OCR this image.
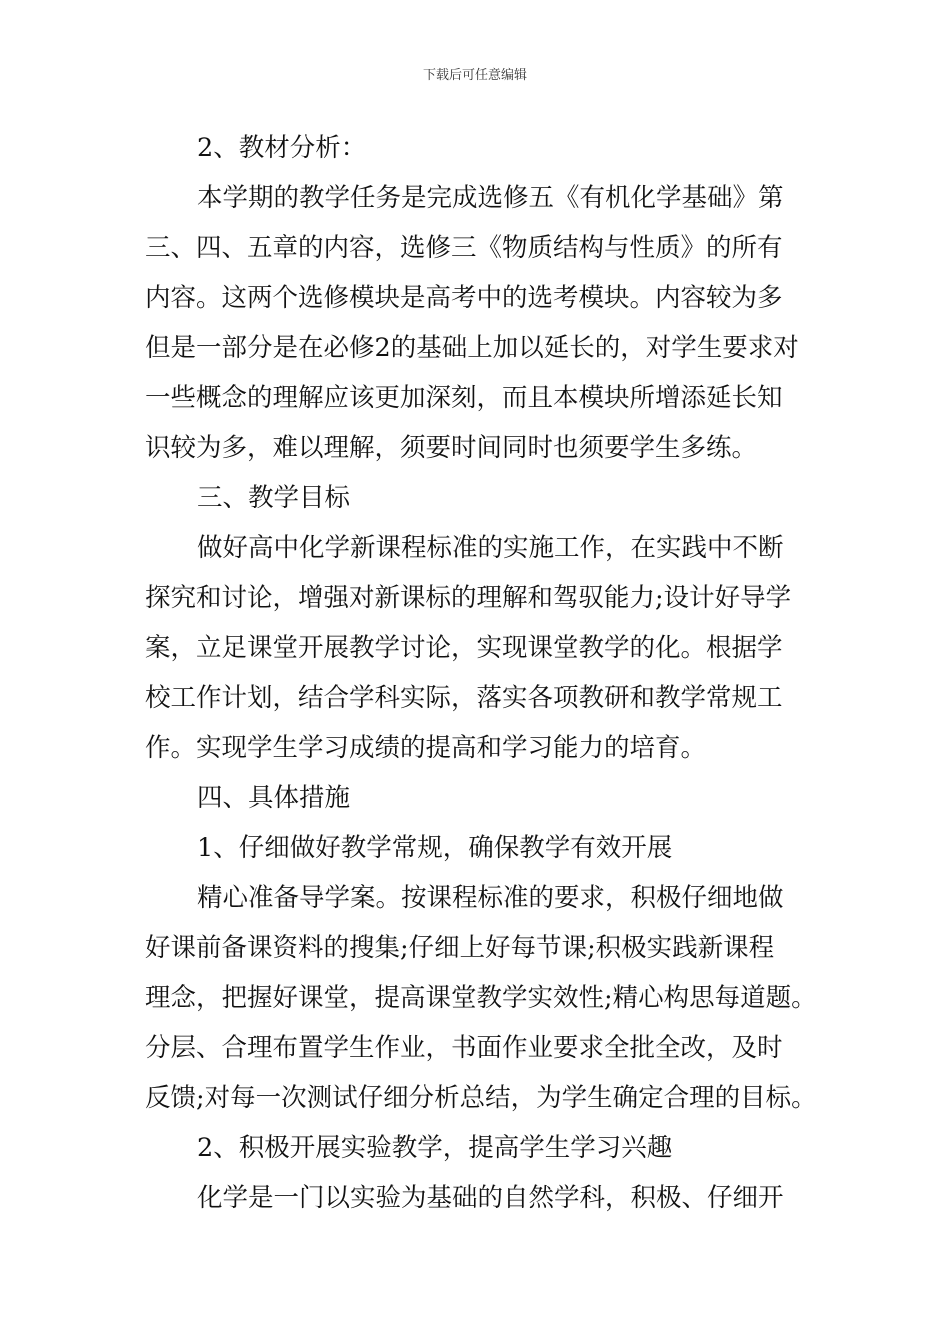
下载后可任意编辑
2、教材分析：
本学期的教学任务是完成选修五《有机化学基础》第
三、四、五章的内容，选修三《物质结构与性质》的所有
内容。这两个选修模块是高考中的选考模块。内容较为多
但是一部分是在必修2的基础上加以延长的，对学生要求对
一些概念的理解应该更加深刻，而且本模块所增添延长知
识较为多，难以理解，须要时间同时也须要学生多练。
三、教学目标
做好高中化学新课程标准的实施工作，在实践中不断
探究和讨论，增强对新课标的理解和驾驭能力;设计好导学
案，立足课堂开展教学讨论，实现课堂教学的化。根据学
校工作计划，结合学科实际，落实各项教研和教学常规工
作。实现学生学习成绩的提高和学习能力的培育。
四、具体措施
1、仔细做好教学常规，确保教学有效开展
精心准备导学案。按课程标准的要求，积极仔细地做
好课前备课资料的搜集;仔细上好每节课;积极实践新课程
理念，把握好课堂，提高课堂教学实效性;精心构思每道题。
分层、合理布置学生作业，书面作业要求全批全改，及时
反馈;对每一次测试仔细分析总结，为学生确定合理的目标。
2、积极开展实验教学，提高学生学习兴趣
化学是一门以实验为基础的自然学科，积极、仔细开
